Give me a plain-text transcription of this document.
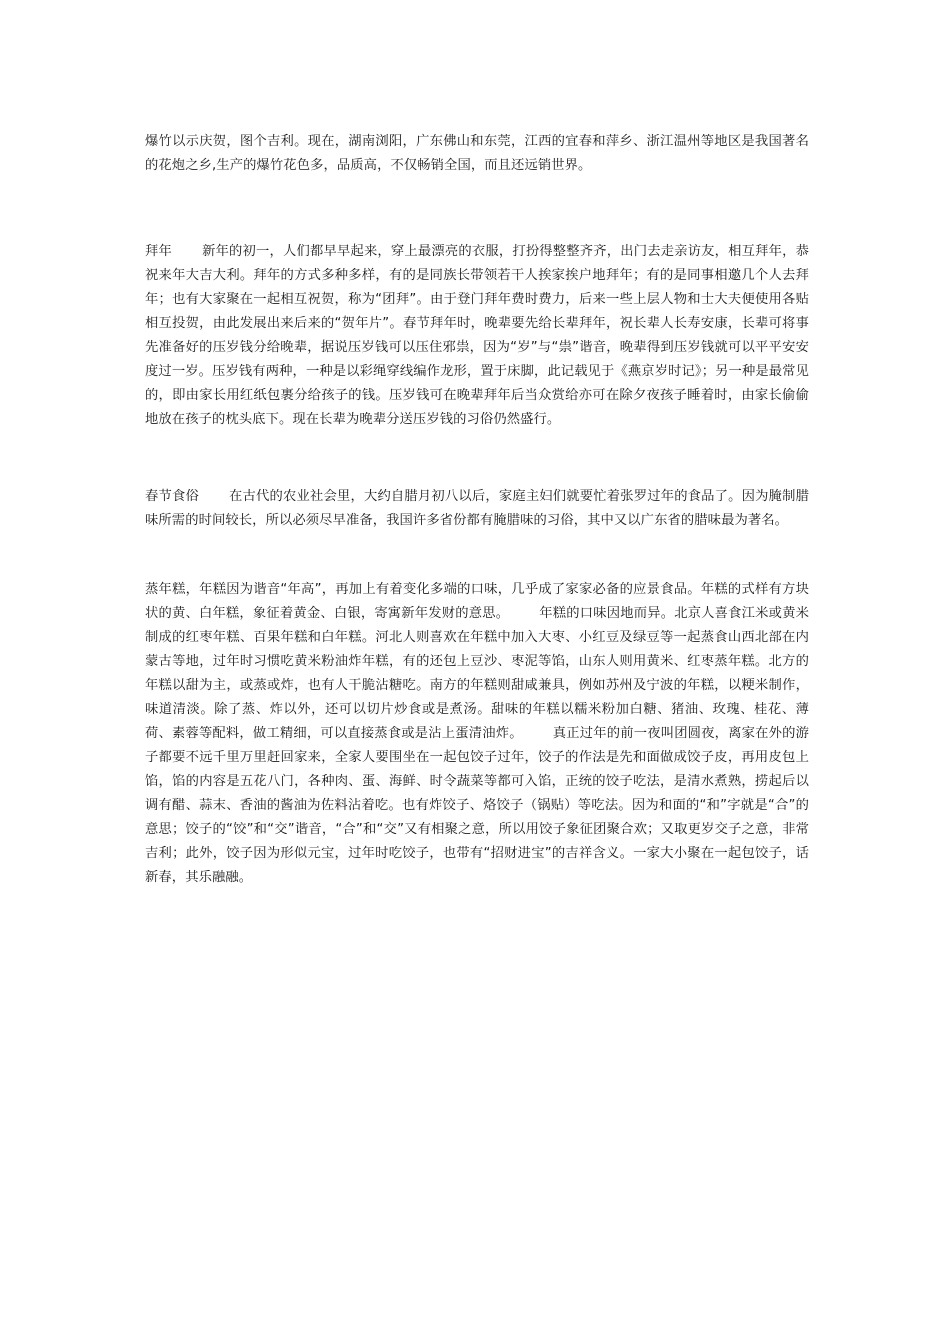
爆竹以示庆贺，图个吉利。现在，湖南浏阳，广东佛山和东莞，江西的宜春和萍乡、浙江温州等地区是我国著名的花炮之乡,生产的爆竹花色多，品质高，不仅畅销全国，而且还远销世界。

拜年 新年的初一，人们都早早起来，穿上最漂亮的衣服，打扮得整整齐齐，出门去走亲访友，相互拜年，恭祝来年大吉大利。拜年的方式多种多样，有的是同族长带领若干人挨家挨户地拜年；有的是同事相邀几个人去拜年；也有大家聚在一起相互祝贺，称为“团拜”。由于登门拜年费时费力，后来一些上层人物和士大夫便使用各贴相互投贺，由此发展出来后来的“贺年片”。春节拜年时，晚辈要先给长辈拜年，祝长辈人长寿安康，长辈可将事先准备好的压岁钱分给晚辈，据说压岁钱可以压住邪祟，因为“岁”与“祟”谐音，晚辈得到压岁钱就可以平平安安度过一岁。压岁钱有两种，一种是以彩绳穿线编作龙形，置于床脚，此记载见于《燕京岁时记》；另一种是最常见的，即由家长用红纸包裹分给孩子的钱。压岁钱可在晚辈拜年后当众赏给亦可在除夕夜孩子睡着时，由家长偷偷地放在孩子的枕头底下。现在长辈为晚辈分送压岁钱的习俗仍然盛行。

春节食俗 在古代的农业社会里，大约自腊月初八以后，家庭主妇们就要忙着张罗过年的食品了。因为腌制腊味所需的时间较长，所以必须尽早准备，我国许多省份都有腌腊味的习俗，其中又以广东省的腊味最为著名。

蒸年糕，年糕因为谐音“年高”，再加上有着变化多端的口味，几乎成了家家必备的应景食品。年糕的式样有方块状的黄、白年糕，象征着黄金、白银，寄寓新年发财的意思。 年糕的口味因地而异。北京人喜食江米或黄米制成的红枣年糕、百果年糕和白年糕。河北人则喜欢在年糕中加入大枣、小红豆及绿豆等一起蒸食山西北部在内蒙古等地，过年时习惯吃黄米粉油炸年糕，有的还包上豆沙、枣泥等馅，山东人则用黄米、红枣蒸年糕。北方的年糕以甜为主，或蒸或炸，也有人干脆沾糖吃。南方的年糕则甜咸兼具，例如苏州及宁波的年糕，以粳米制作，味道清淡。除了蒸、炸以外，还可以切片炒食或是煮汤。甜味的年糕以糯米粉加白糖、猪油、玫瑰、桂花、薄荷、素蓉等配料，做工精细，可以直接蒸食或是沾上蛋清油炸。 真正过年的前一夜叫团圆夜，离家在外的游子都要不远千里万里赶回家来，全家人要围坐在一起包饺子过年，饺子的作法是先和面做成饺子皮，再用皮包上馅，馅的内容是五花八门，各种肉、蛋、海鲜、时令蔬菜等都可入馅，正统的饺子吃法，是清水煮熟，捞起后以调有醋、蒜末、香油的酱油为佐料沾着吃。也有炸饺子、烙饺子（锅贴）等吃法。因为和面的“和”字就是“合”的意思；饺子的“饺”和“交”谐音，“合”和“交”又有相聚之意，所以用饺子象征团聚合欢；又取更岁交子之意，非常吉利；此外，饺子因为形似元宝，过年时吃饺子，也带有“招财进宝”的吉祥含义。一家大小聚在一起包饺子，话新春，其乐融融。
